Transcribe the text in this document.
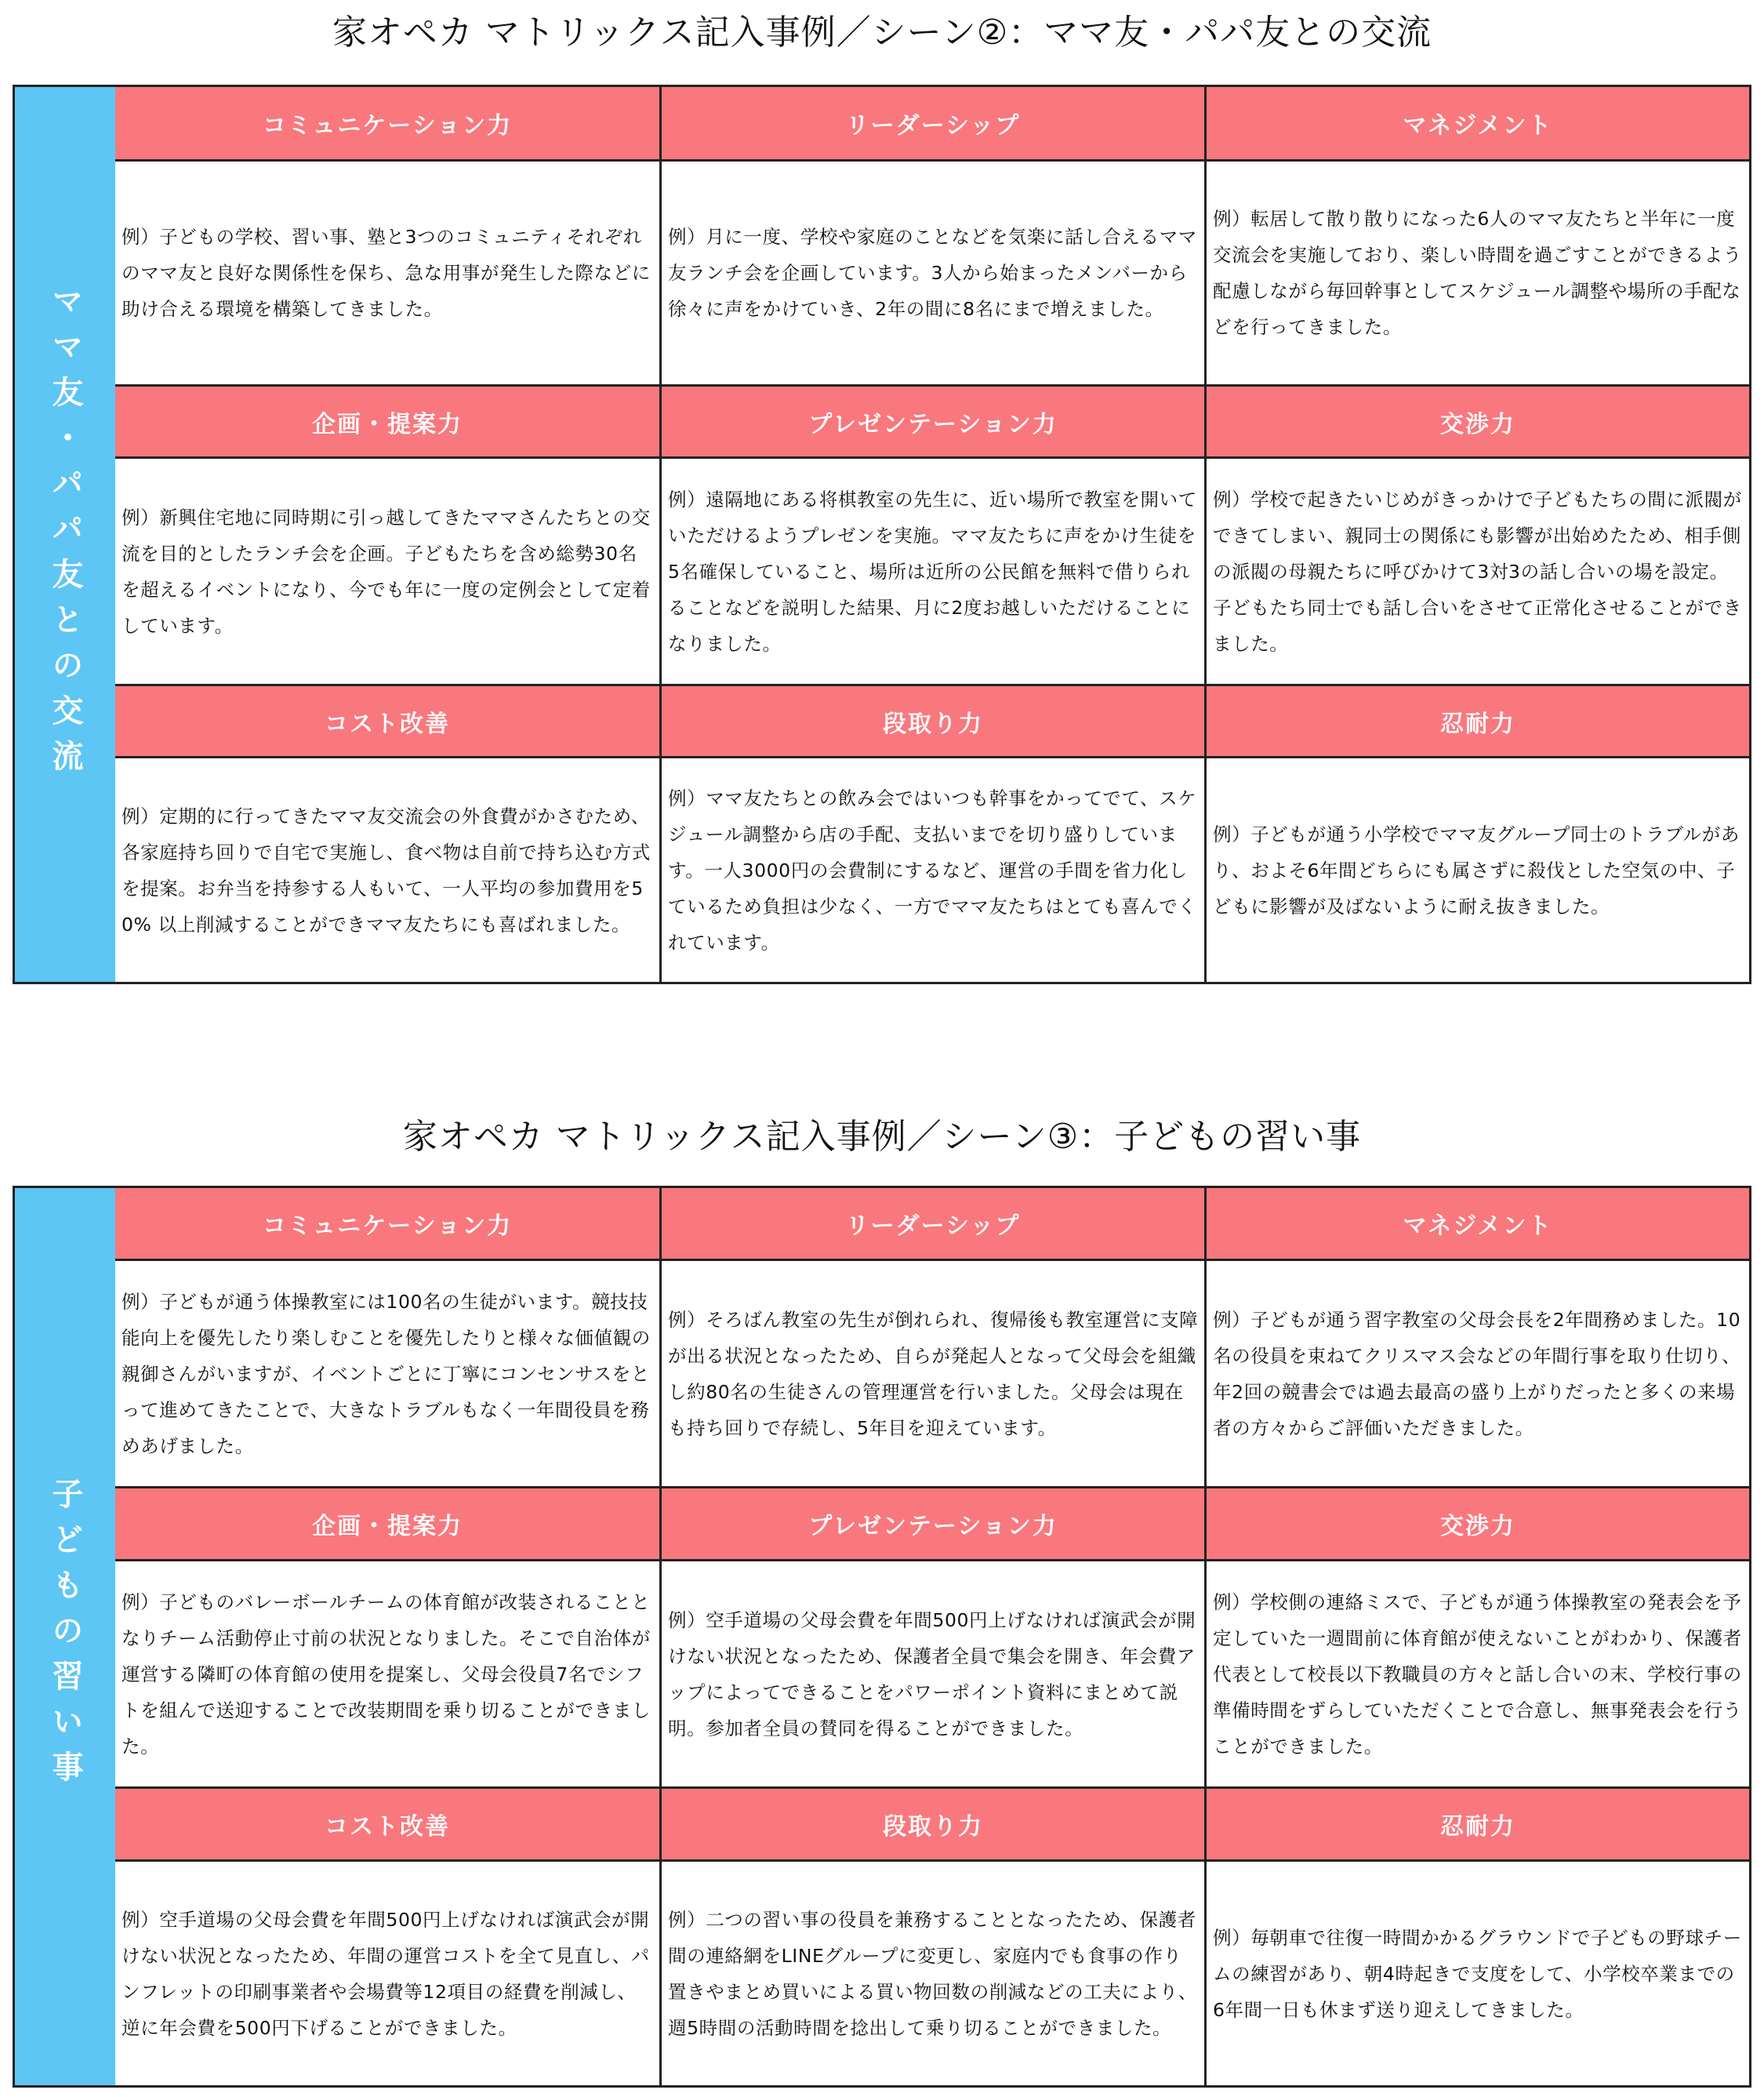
家オペカ マトリックス記入事例／シーン②：ママ友・パパ友との交流
ママ友・パパ友との交流
コミュニケーション力
例）子どもの学校、習い事、塾と3つのコミュニティそれぞれのママ友と良好な関係性を保ち、急な用事が発生した際などに助け合える環境を構築してきました。
リーダーシップ
例）月に一度、学校や家庭のことなどを気楽に話し合えるママ友ランチ会を企画しています。3人から始まったメンバーから徐々に声をかけていき、2年の間に8名にまで増えました。
マネジメント
例）転居して散り散りになった6人のママ友たちと半年に一度交流会を実施しており、楽しい時間を過ごすことができるよう配慮しながら毎回幹事としてスケジュール調整や場所の手配などを行ってきました。
企画・提案力
例）新興住宅地に同時期に引っ越してきたママさんたちとの交流を目的としたランチ会を企画。子どもたちを含め総勢30名を超えるイベントになり、今でも年に一度の定例会として定着しています。
プレゼンテーション力
例）遠隔地にある将棋教室の先生に、近い場所で教室を開いていただけるようプレゼンを実施。ママ友たちに声をかけ生徒を5名確保していること、場所は近所の公民館を無料で借りられることなどを説明した結果、月に2度お越しいただけることになりました。
交渉力
例）学校で起きたいじめがきっかけで子どもたちの間に派閥ができてしまい、親同士の関係にも影響が出始めたため、相手側の派閥の母親たちに呼びかけて3対3の話し合いの場を設定。子どもたち同士でも話し合いをさせて正常化させることができました。
コスト改善
例）定期的に行ってきたママ友交流会の外食費がかさむため、各家庭持ち回りで自宅で実施し、食べ物は自前で持ち込む方式を提案。お弁当を持参する人もいて、一人平均の参加費用を50% 以上削減することができママ友たちにも喜ばれました。
段取り力
例）ママ友たちとの飲み会ではいつも幹事をかってでて、スケジュール調整から店の手配、支払いまでを切り盛りしています。一人3000円の会費制にするなど、運営の手間を省力化しているため負担は少なく、一方でママ友たちはとても喜んでくれています。
忍耐力
例）子どもが通う小学校でママ友グループ同士のトラブルがあり、およそ6年間どちらにも属さずに殺伐とした空気の中、子どもに影響が及ばないように耐え抜きました。
家オペカ マトリックス記入事例／シーン③：子どもの習い事
子どもの習い事
コミュニケーション力
例）子どもが通う体操教室には100名の生徒がいます。競技技能向上を優先したり楽しむことを優先したりと様々な価値観の親御さんがいますが、イベントごとに丁寧にコンセンサスをとって進めてきたことで、大きなトラブルもなく一年間役員を務めあげました。
リーダーシップ
例）そろばん教室の先生が倒れられ、復帰後も教室運営に支障が出る状況となったため、自らが発起人となって父母会を組織し約80名の生徒さんの管理運営を行いました。父母会は現在も持ち回りで存続し、5年目を迎えています。
マネジメント
例）子どもが通う習字教室の父母会長を2年間務めました。10名の役員を束ねてクリスマス会などの年間行事を取り仕切り、年2回の競書会では過去最高の盛り上がりだったと多くの来場者の方々からご評価いただきました。
企画・提案力
例）子どものバレーボールチームの体育館が改装されることとなりチーム活動停止寸前の状況となりました。そこで自治体が運営する隣町の体育館の使用を提案し、父母会役員7名でシフトを組んで送迎することで改装期間を乗り切ることができました。
プレゼンテーション力
例）空手道場の父母会費を年間500円上げなければ演武会が開けない状況となったため、保護者全員で集会を開き、年会費アップによってできることをパワーポイント資料にまとめて説明。参加者全員の賛同を得ることができました。
交渉力
例）学校側の連絡ミスで、子どもが通う体操教室の発表会を予定していた一週間前に体育館が使えないことがわかり、保護者代表として校長以下教職員の方々と話し合いの末、学校行事の準備時間をずらしていただくことで合意し、無事発表会を行うことができました。
コスト改善
例）空手道場の父母会費を年間500円上げなければ演武会が開けない状況となったため、年間の運営コストを全て見直し、パンフレットの印刷事業者や会場費等12項目の経費を削減し、逆に年会費を500円下げることができました。
段取り力
例）二つの習い事の役員を兼務することとなったため、保護者間の連絡網をLINEグループに変更し、家庭内でも食事の作り置きやまとめ買いによる買い物回数の削減などの工夫により、週5時間の活動時間を捻出して乗り切ることができました。
忍耐力
例）毎朝車で往復一時間かかるグラウンドで子どもの野球チームの練習があり、朝4時起きで支度をして、小学校卒業までの6年間一日も休まず送り迎えしてきました。
